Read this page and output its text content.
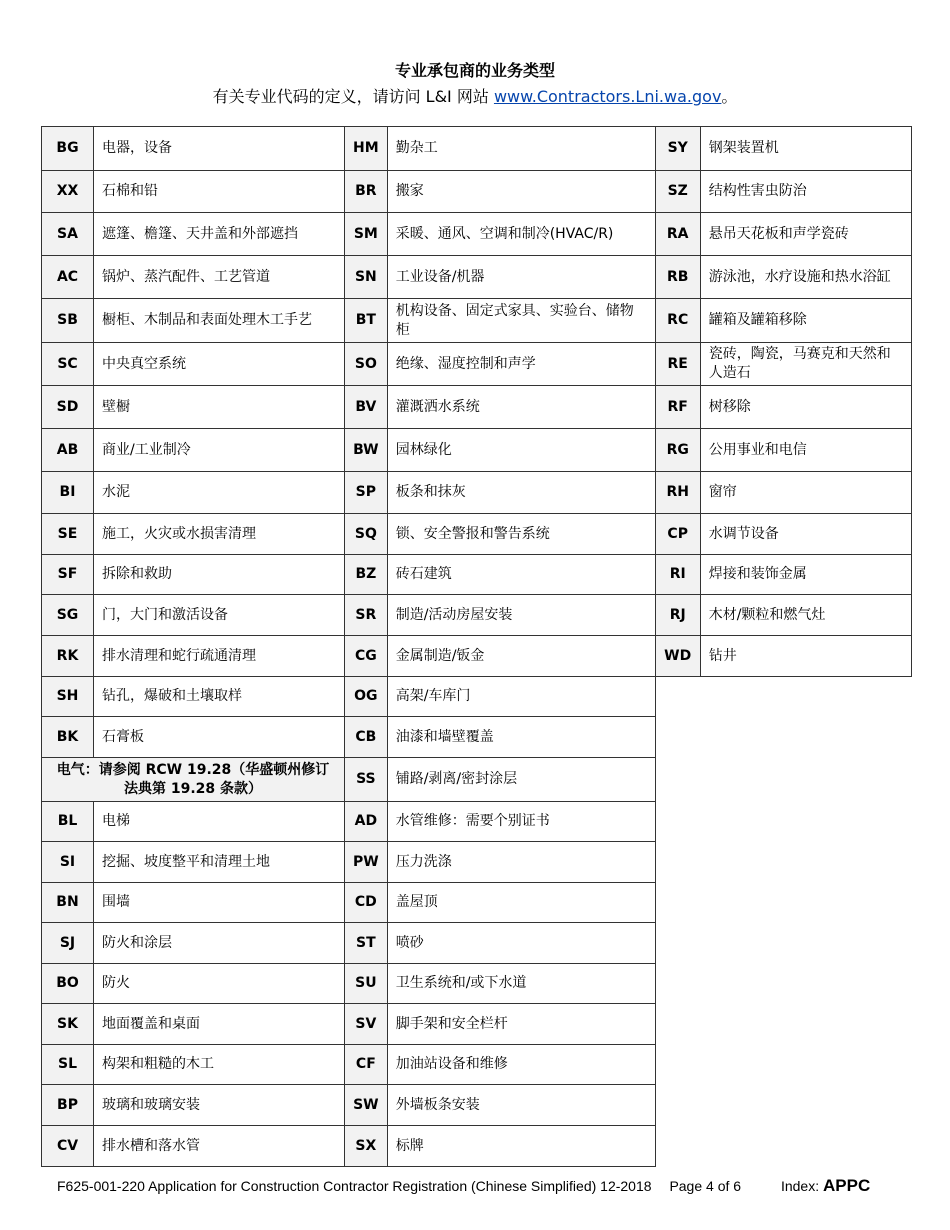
专业承包商的业务类型
有关专业代码的定义，请访问 L&I 网站 www.Contractors.Lni.wa.gov。
BG	电器，设备	HM	勤杂工	SY	钢架装置机
XX	石棉和铅	BR	搬家	SZ	结构性害虫防治
SA	遮篷、檐篷、天井盖和外部遮挡	SM	采暖、通风、空调和制冷(HVAC/R)	RA	悬吊天花板和声学瓷砖
AC	锅炉、蒸汽配件、工艺管道	SN	工业设备/机器	RB	游泳池，水疗设施和热水浴缸
SB	橱柜、木制品和表面处理木工手艺	BT	机构设备、固定式家具、实验台、储物柜	RC	罐箱及罐箱移除
SC	中央真空系统	SO	绝缘、湿度控制和声学	RE	瓷砖，陶瓷，马赛克和天然和人造石
SD	壁橱	BV	灌溉洒水系统	RF	树移除
AB	商业/工业制冷	BW	园林绿化	RG	公用事业和电信
BI	水泥	SP	板条和抹灰	RH	窗帘
SE	施工，火灾或水损害清理	SQ	锁、安全警报和警告系统	CP	水调节设备
SF	拆除和救助	BZ	砖石建筑	RI	焊接和装饰金属
SG	门，大门和激活设备	SR	制造/活动房屋安装	RJ	木材/颗粒和燃气灶
RK	排水清理和蛇行疏通清理	CG	金属制造/钣金	WD	钻井
SH	钻孔，爆破和土壤取样	OG	高架/车库门		
BK	石膏板	CB	油漆和墙壁覆盖		
电气：请参阅 RCW 19.28（华盛顿州修订法典第 19.28 条款）		SS	铺路/剥离/密封涂层		
BL	电梯	AD	水管维修：需要个别证书		
SI	挖掘、坡度整平和清理土地	PW	压力洗涤		
BN	围墙	CD	盖屋顶		
SJ	防火和涂层	ST	喷砂		
BO	防火	SU	卫生系统和/或下水道		
SK	地面覆盖和桌面	SV	脚手架和安全栏杆		
SL	构架和粗糙的木工	CF	加油站设备和维修		
BP	玻璃和玻璃安装	SW	外墙板条安装		
CV	排水槽和落水管	SX	标牌		
F625-001-220 Application for Construction Contractor Registration (Chinese Simplified) 12-2018 Page 4 of 6	Index: APPC
